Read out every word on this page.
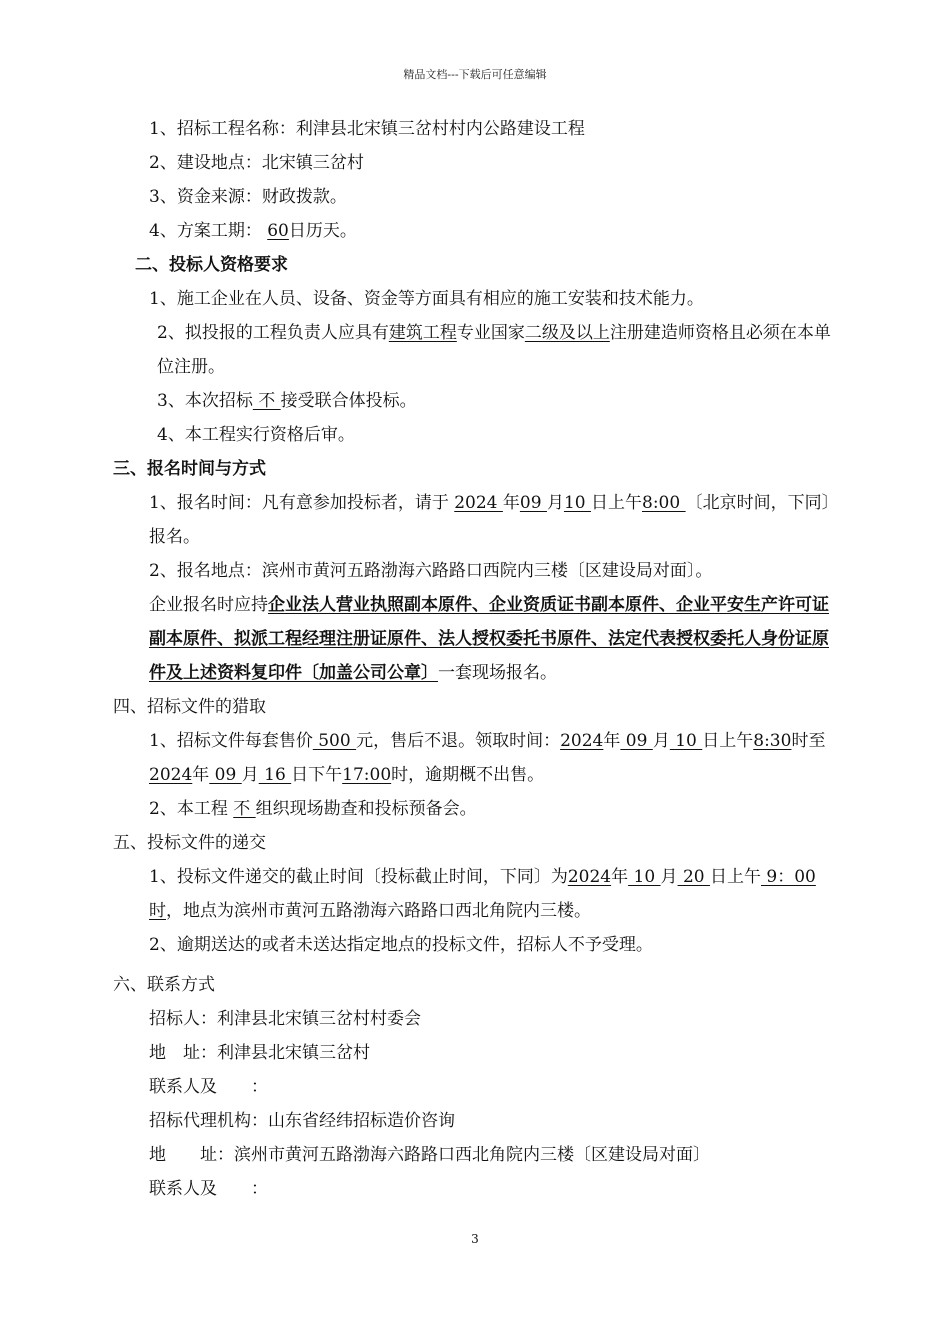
精品文档---下载后可任意编辑
1、招标工程名称：利津县北宋镇三岔村村内公路建设工程
2、建设地点：北宋镇三岔村
3、资金来源：财政拨款。
4、方案工期： 60日历天。
二、投标人资格要求
1、施工企业在人员、设备、资金等方面具有相应的施工安装和技术能力。
2、拟投报的工程负责人应具有建筑工程专业国家二级及以上注册建造师资格且必须在本单位注册。
3、本次招标 不 接受联合体投标。
4、本工程实行资格后审。
三、报名时间与方式
1、报名时间：凡有意参加投标者，请于 2024 年09 月10 日上午8:00 〔北京时间，下同〕报名。
2、报名地点：滨州市黄河五路渤海六路路口西院内三楼〔区建设局对面〕。
企业报名时应持企业法人营业执照副本原件、企业资质证书副本原件、企业平安生产许可证副本原件、拟派工程经理注册证原件、法人授权委托书原件、法定代表授权委托人身份证原件及上述资料复印件〔加盖公司公章〕一套现场报名。
四、招标文件的猎取
1、招标文件每套售价 500 元，售后不退。领取时间：2024年 09 月 10 日上午8:30时至2024年 09 月 16 日下午17:00时，逾期概不出售。
2、本工程 不 组织现场勘查和投标预备会。
五、投标文件的递交
1、投标文件递交的截止时间〔投标截止时间，下同〕为2024年 10 月 20 日上午 9：00 时，地点为滨州市黄河五路渤海六路路口西北角院内三楼。
2、逾期送达的或者未送达指定地点的投标文件，招标人不予受理。
六、联系方式
招标人：利津县北宋镇三岔村村委会
地　址：利津县北宋镇三岔村
联系人及　　：
招标代理机构：山东省经纬招标造价咨询
地　　址：滨州市黄河五路渤海六路路口西北角院内三楼〔区建设局对面〕
联系人及　　：
3
